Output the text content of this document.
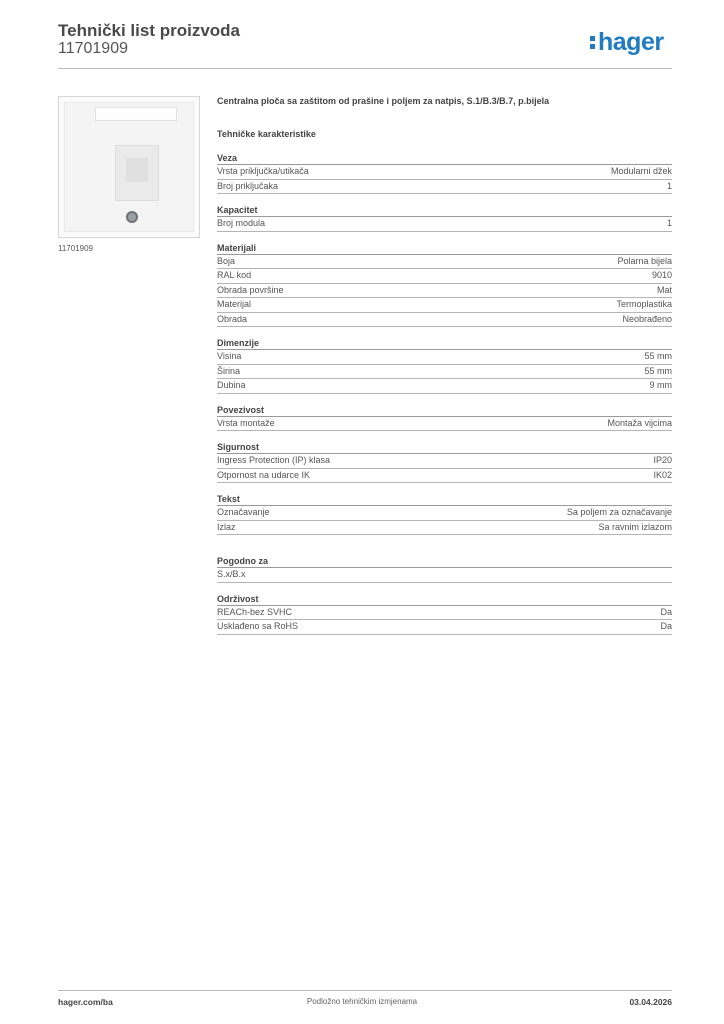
Tehnički list proizvoda
11701909	hager
11701909
Centralna ploča sa zaštitom od prašine i poljem za natpis, S.1/B.3/B.7, p.bijela
Tehničke karakteristike
Veza
Vrsta priključka/utikača	Modularni džek
Broj priključaka	1
Kapacitet
Broj modula	1
Materijali
Boja	Polarna bijela
RAL kod	9010
Obrada površine	Mat
Materijal	Termoplastika
Obrada	Neobrađeno
Dimenzije
Visina	55 mm
Širina	55 mm
Dubina	9 mm
Povezivost
Vrsta montaže	Montaža vijcima
Sigurnost
Ingress Protection (IP) klasa	IP20
Otpornost na udarce IK	IK02
Tekst
Označavanje	Sa poljem za označavanje
Izlaz	Sa ravnim izlazom
Pogodno za
S.x/B.x
Održivost
REACh-bez SVHC	Da
Usklađeno sa RoHS	Da
hager.com/ba	Podložno tehničkim izmjenama	03.04.2026
